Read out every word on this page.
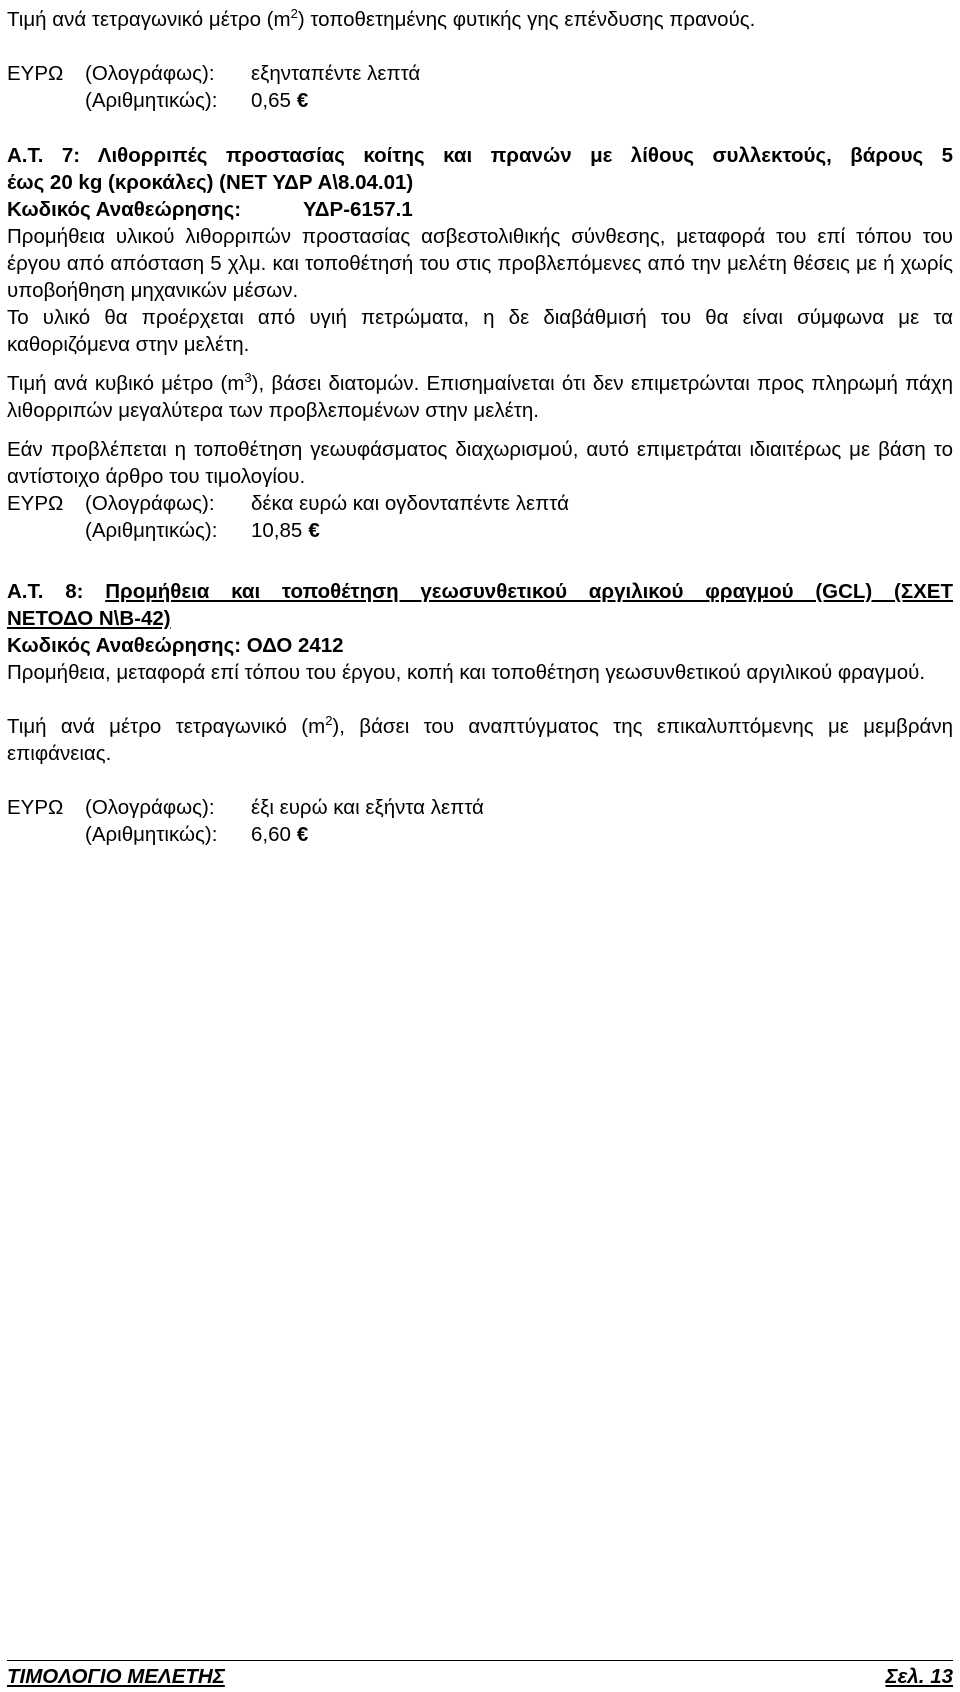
Τιμή ανά τετραγωνικό μέτρο $(m^2)$ τοποθετημένης φυτικής γης επένδυσης πρανούς.

ΕΥΡΩ	(Ολογράφως):	εξηνταπέντε λεπτά
(Αριθμητικώς):	0,65 €

Α.Τ. 7: Λιθορριπές προστασίας κοίτης και πρανών με λίθους συλλεκτούς, βάρους 5

έως 20 kg (κροκάλες) (ΝΕΤ ΥΔΡ Α\8.04.01)

Κωδικός Αναθεώρησης:	ΥΔΡ-6157.1

Προμήθεια υλικού λιθορριπών προστασίας ασβεστολιθικής σύνθεσης, μεταφορά του επί τόπου του έργου από απόσταση 5 χλμ. και τοποθέτησή του στις προβλεπόμενες από την μελέτη θέσεις με ή χωρίς υποβοήθηση μηχανικών μέσων.

Το υλικό θα προέρχεται από υγιή πετρώματα, η δε διαβάθμισή του θα είναι σύμφωνα με τα καθοριζόμενα στην μελέτη.

Τιμή ανά κυβικό μέτρο $(m^3)$, βάσει διατομών. Επισημαίνεται ότι δεν επιμετρώνται προς πληρωμή πάχη λιθορριπών μεγαλύτερα των προβλεπομένων στην μελέτη.

Εάν προβλέπεται η τοποθέτηση γεωυφάσματος διαχωρισμού, αυτό επιμετράται ιδιαιτέρως με βάση το αντίστοιχο άρθρο του τιμολογίου.

ΕΥΡΩ	(Ολογράφως):	δέκα ευρώ και ογδονταπέντε λεπτά
(Αριθμητικώς):	10,85 €

Α.Τ. 8: Προμήθεια και τοποθέτηση γεωσυνθετικού αργιλικού φραγμού (GCL) (ΣΧΕΤ

ΝΕΤΟΔΟ Ν\Β-42)

Κωδικός Αναθεώρησης: ΟΔΟ 2412

Προμήθεια, μεταφορά επί τόπου του έργου, κοπή και τοποθέτηση γεωσυνθετικού αργιλικού φραγμού.

Τιμή ανά μέτρο τετραγωνικό $(m^2)$, βάσει του αναπτύγματος της επικαλυπτόμενης με μεμβράνη επιφάνειας.

ΕΥΡΩ	(Ολογράφως):	έξι ευρώ και εξήντα λεπτά
(Αριθμητικώς):	6,60 €
ΤΙΜΟΛΟΓΙΟ ΜΕΛΕΤΗΣ	Σελ. 13
